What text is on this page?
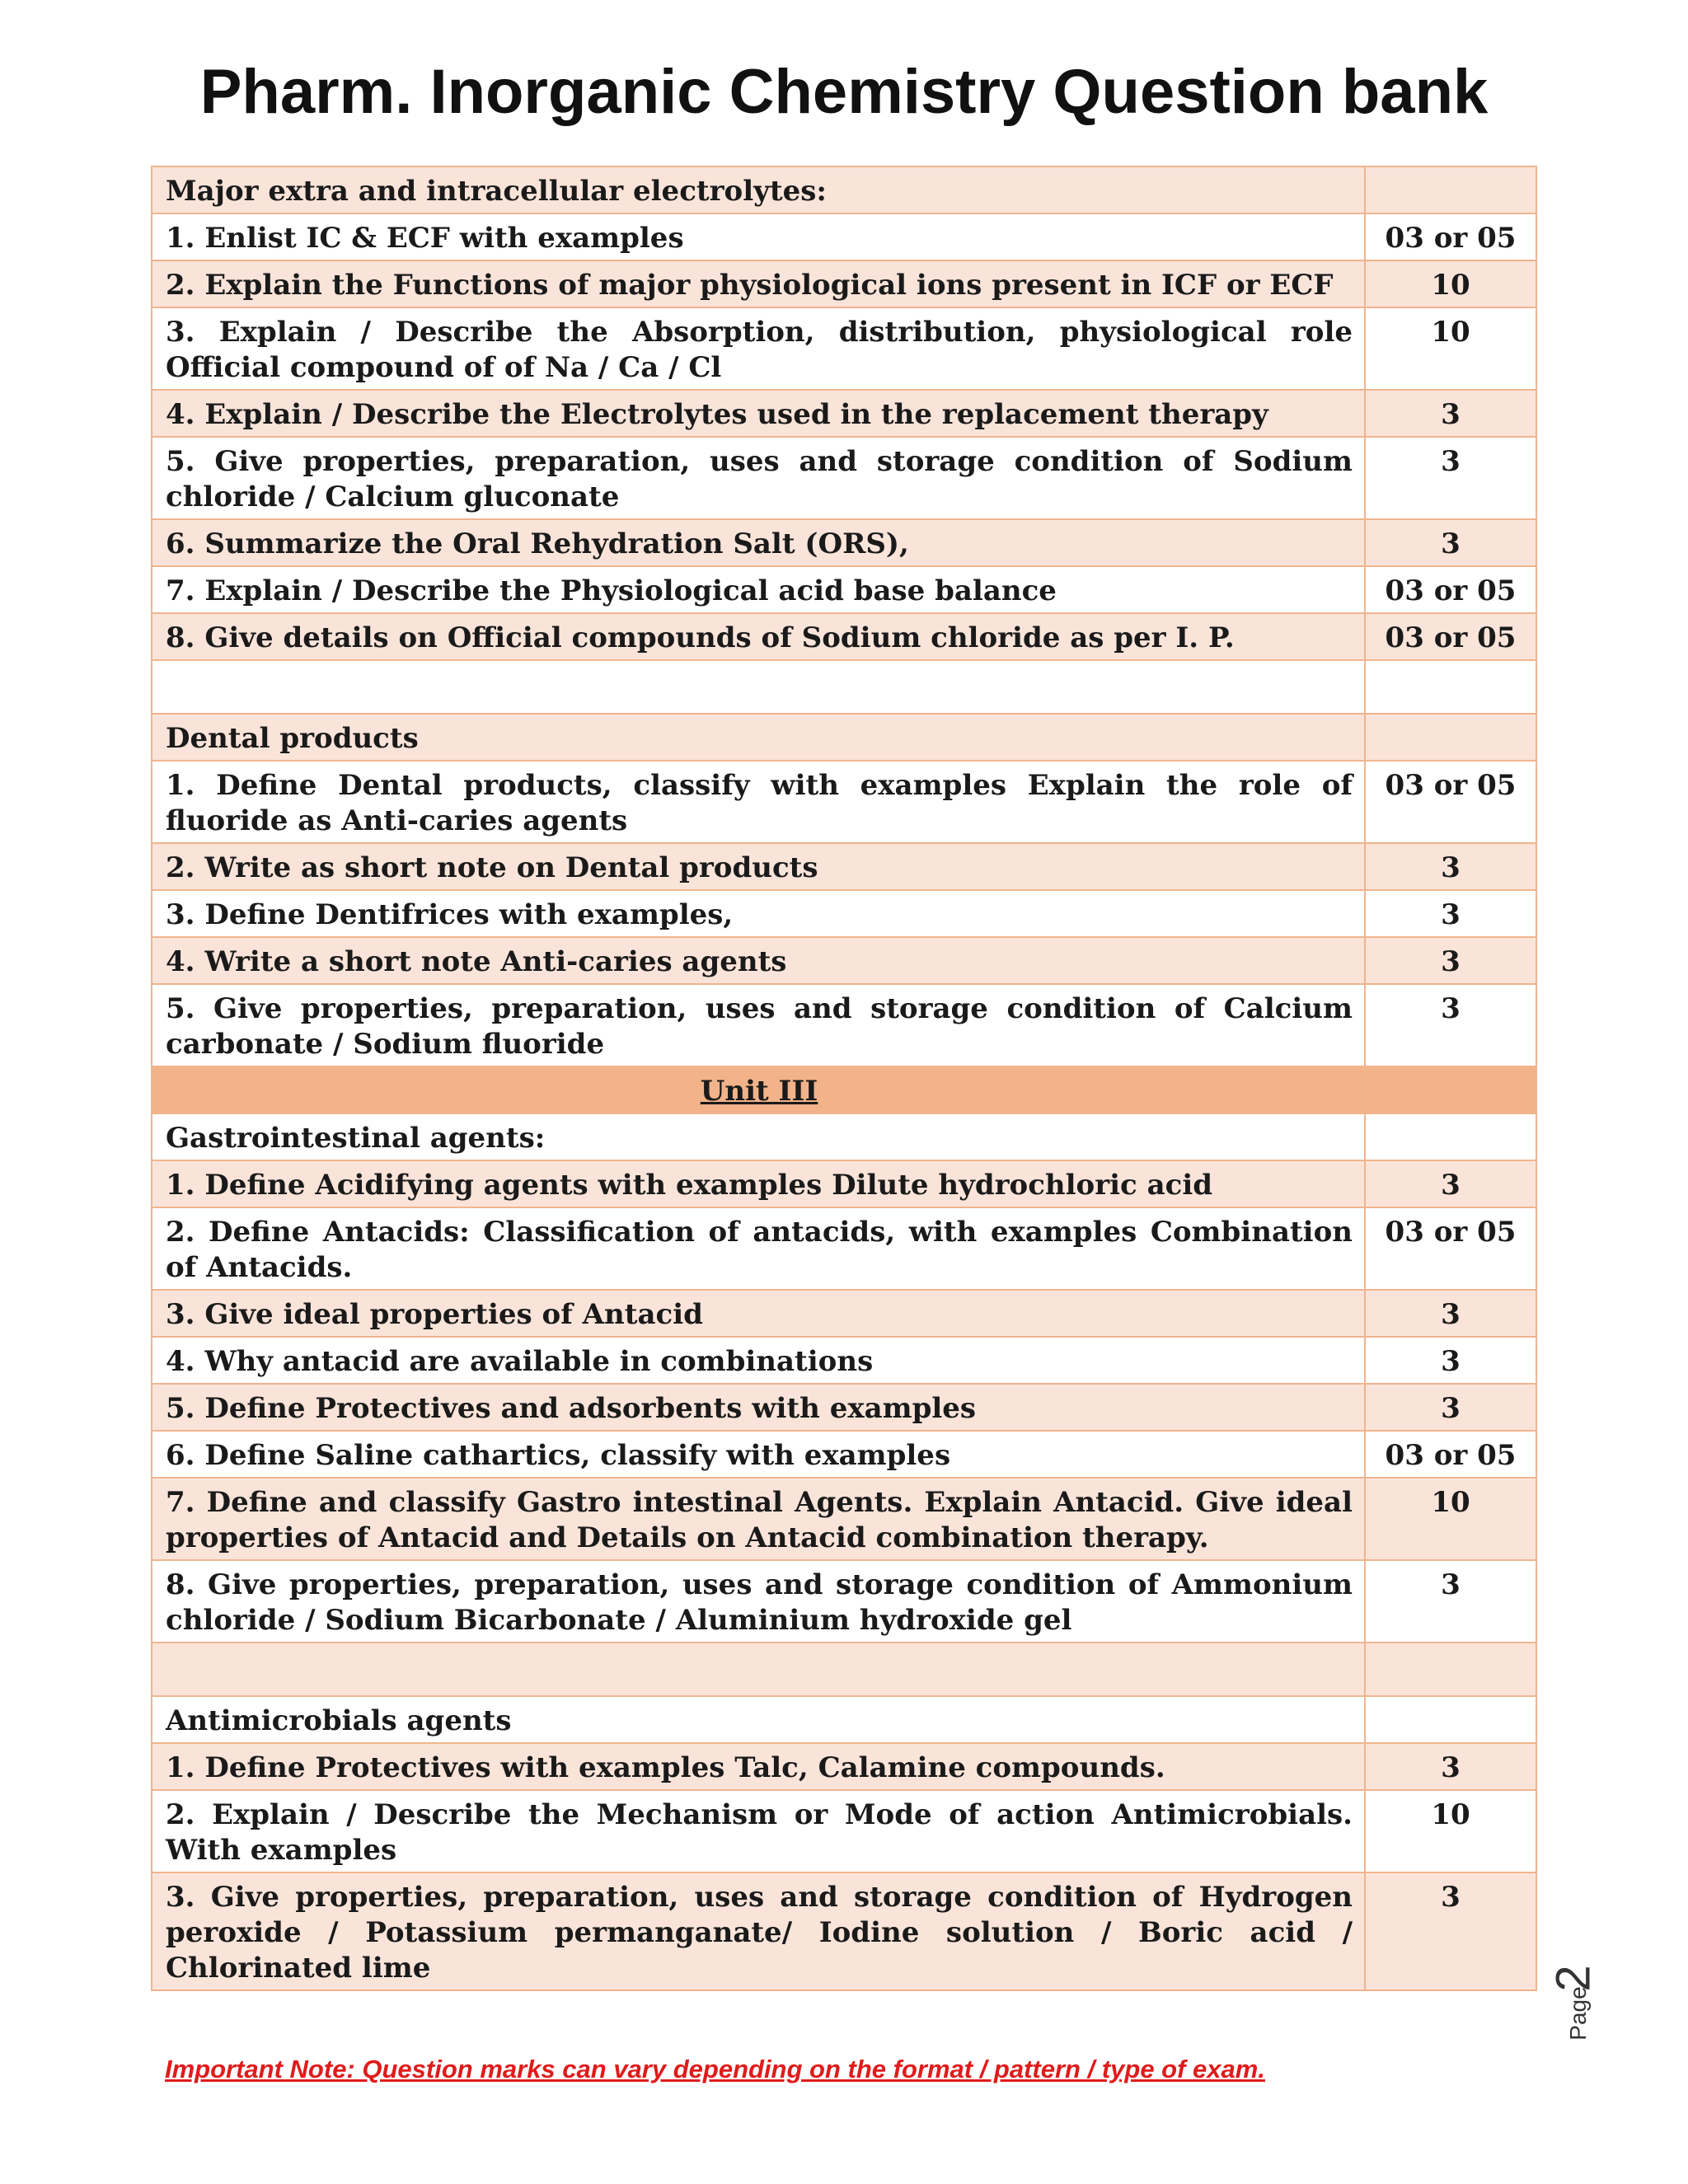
Pharm. Inorganic Chemistry Question bank
Major extra and intracellular electrolytes:	
1. Enlist IC & ECF with examples	03 or 05
2. Explain the Functions of major physiological ions present in ICF or ECF	10
3. Explain / Describe the Absorption, distribution, physiological role Official compound of of Na / Ca / Cl	10
4. Explain / Describe the Electrolytes used in the replacement therapy	3
5. Give properties, preparation, uses and storage condition of Sodium chloride / Calcium gluconate	3
6. Summarize the Oral Rehydration Salt (ORS),	3
7. Explain / Describe the Physiological acid base balance	03 or 05
8. Give details on Official compounds of Sodium chloride as per I. P.	03 or 05

Dental products	
1. Define Dental products, classify with examples Explain the role of fluoride as Anti-caries agents	03 or 05
2. Write as short note on Dental products	3
3. Define Dentifrices with examples,	3
4. Write a short note Anti-caries agents	3
5. Give properties, preparation, uses and storage condition of Calcium carbonate / Sodium fluoride	3
Unit III	
Gastrointestinal agents:	
1. Define Acidifying agents with examples Dilute hydrochloric acid	3
2. Define Antacids: Classification of antacids, with examples Combination of Antacids.	03 or 05
3. Give ideal properties of Antacid	3
4. Why antacid are available in combinations	3
5. Define Protectives and adsorbents with examples	3
6. Define Saline cathartics, classify with examples	03 or 05
7. Define and classify Gastro intestinal Agents. Explain Antacid. Give ideal properties of Antacid and Details on Antacid combination therapy.	10
8. Give properties, preparation, uses and storage condition of Ammonium chloride / Sodium Bicarbonate / Aluminium hydroxide gel	3

Antimicrobials agents	
1. Define Protectives with examples Talc, Calamine compounds.	3
2. Explain / Describe the Mechanism or Mode of action Antimicrobials. With examples	10
3. Give properties, preparation, uses and storage condition of Hydrogen peroxide / Potassium permanganate/ Iodine solution / Boric acid / Chlorinated lime	3

Important Note: Question marks can vary depending on the format / pattern / type of exam.

Page
2
